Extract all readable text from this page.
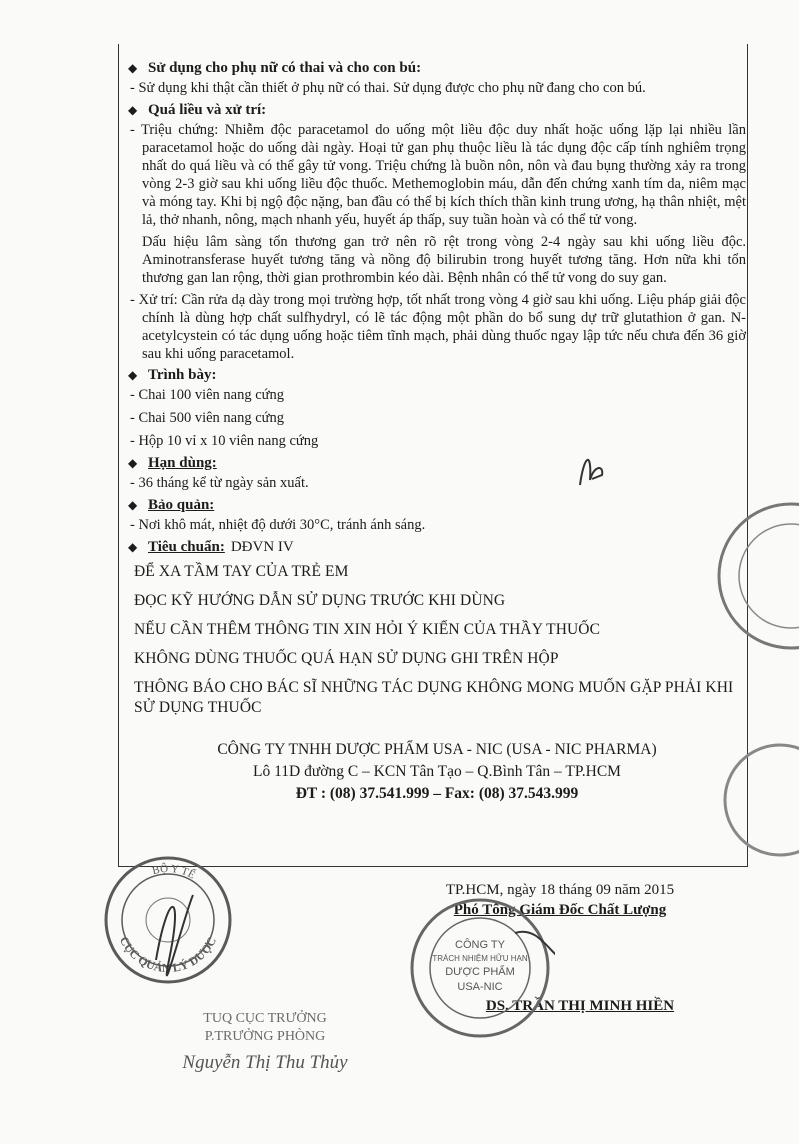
◆ Sử dụng cho phụ nữ có thai và cho con bú:
- Sử dụng khi thật cần thiết ở phụ nữ có thai. Sử dụng được cho phụ nữ đang cho con bú.
◆ Quá liều và xử trí:
- Triệu chứng: Nhiễm độc paracetamol do uống một liều độc duy nhất hoặc uống lặp lại nhiều lần paracetamol hoặc do uống dài ngày. Hoại tử gan phụ thuộc liều là tác dụng độc cấp tính nghiêm trọng nhất do quá liều và có thể gây tử vong. Triệu chứng là buồn nôn, nôn và đau bụng thường xảy ra trong vòng 2-3 giờ sau khi uống liều độc thuốc. Methemoglobin máu, dẫn đến chứng xanh tím da, niêm mạc và móng tay. Khi bị ngộ độc nặng, ban đầu có thể bị kích thích thần kinh trung ương, hạ thân nhiệt, mệt lả, thở nhanh, nông, mạch nhanh yếu, huyết áp thấp, suy tuần hoàn và có thể tử vong.
Dấu hiệu lâm sàng tổn thương gan trở nên rõ rệt trong vòng 2-4 ngày sau khi uống liều độc. Aminotransferase huyết tương tăng và nồng độ bilirubin trong huyết tương tăng. Hơn nữa khi tổn thương gan lan rộng, thời gian prothrombin kéo dài. Bệnh nhân có thể tử vong do suy gan.
- Xử trí: Cần rửa dạ dày trong mọi trường hợp, tốt nhất trong vòng 4 giờ sau khi uống. Liệu pháp giải độc chính là dùng hợp chất sulfhydryl, có lẽ tác động một phần do bổ sung dự trữ glutathion ở gan. N- acetylcystein có tác dụng uống hoặc tiêm tĩnh mạch, phải dùng thuốc ngay lập tức nếu chưa đến 36 giờ sau khi uống paracetamol.
◆ Trình bày:
- Chai 100 viên nang cứng
- Chai 500 viên nang cứng
- Hộp 10 vỉ x 10 viên nang cứng
◆ Hạn dùng:
- 36 tháng kể từ ngày sản xuất.
◆ Bảo quản:
- Nơi khô mát, nhiệt độ dưới 30°C, tránh ánh sáng.
◆ Tiêu chuẩn: DĐVN IV
ĐỂ XA TẦM TAY CỦA TRẺ EM
ĐỌC KỸ HƯỚNG DẪN SỬ DỤNG TRƯỚC KHI DÙNG
NẾU CẦN THÊM THÔNG TIN XIN HỎI Ý KIẾN CỦA THẦY THUỐC
KHÔNG DÙNG THUỐC QUÁ HẠN SỬ DỤNG GHI TRÊN HỘP
THÔNG BÁO CHO BÁC SĨ NHỮNG TÁC DỤNG KHÔNG MONG MUỐN GẶP PHẢI KHI SỬ DỤNG THUỐC

CÔNG TY TNHH DƯỢC PHẨM USA - NIC (USA - NIC PHARMA)

Lô 11D đường C – KCN Tân Tạo – Q.Bình Tân – TP.HCM

ĐT : (08) 37.541.999 – Fax: (08) 37.543.999

TP.HCM, ngày 18 tháng 09 năm 2015
Phó Tổng Giám Đốc Chất Lượng
DS. TRẦN THỊ MINH HIỀN
BỘ Y TẾ
CỤC QUẢN LÝ DƯỢC
TUQ CỤC TRƯỞNG
P.TRƯỞNG PHÒNG
Nguyễn Thị Thu Thủy
CÔNG TY
TRÁCH NHIỆM HỮU HẠN
DƯỢC PHẨM
USA-NIC
